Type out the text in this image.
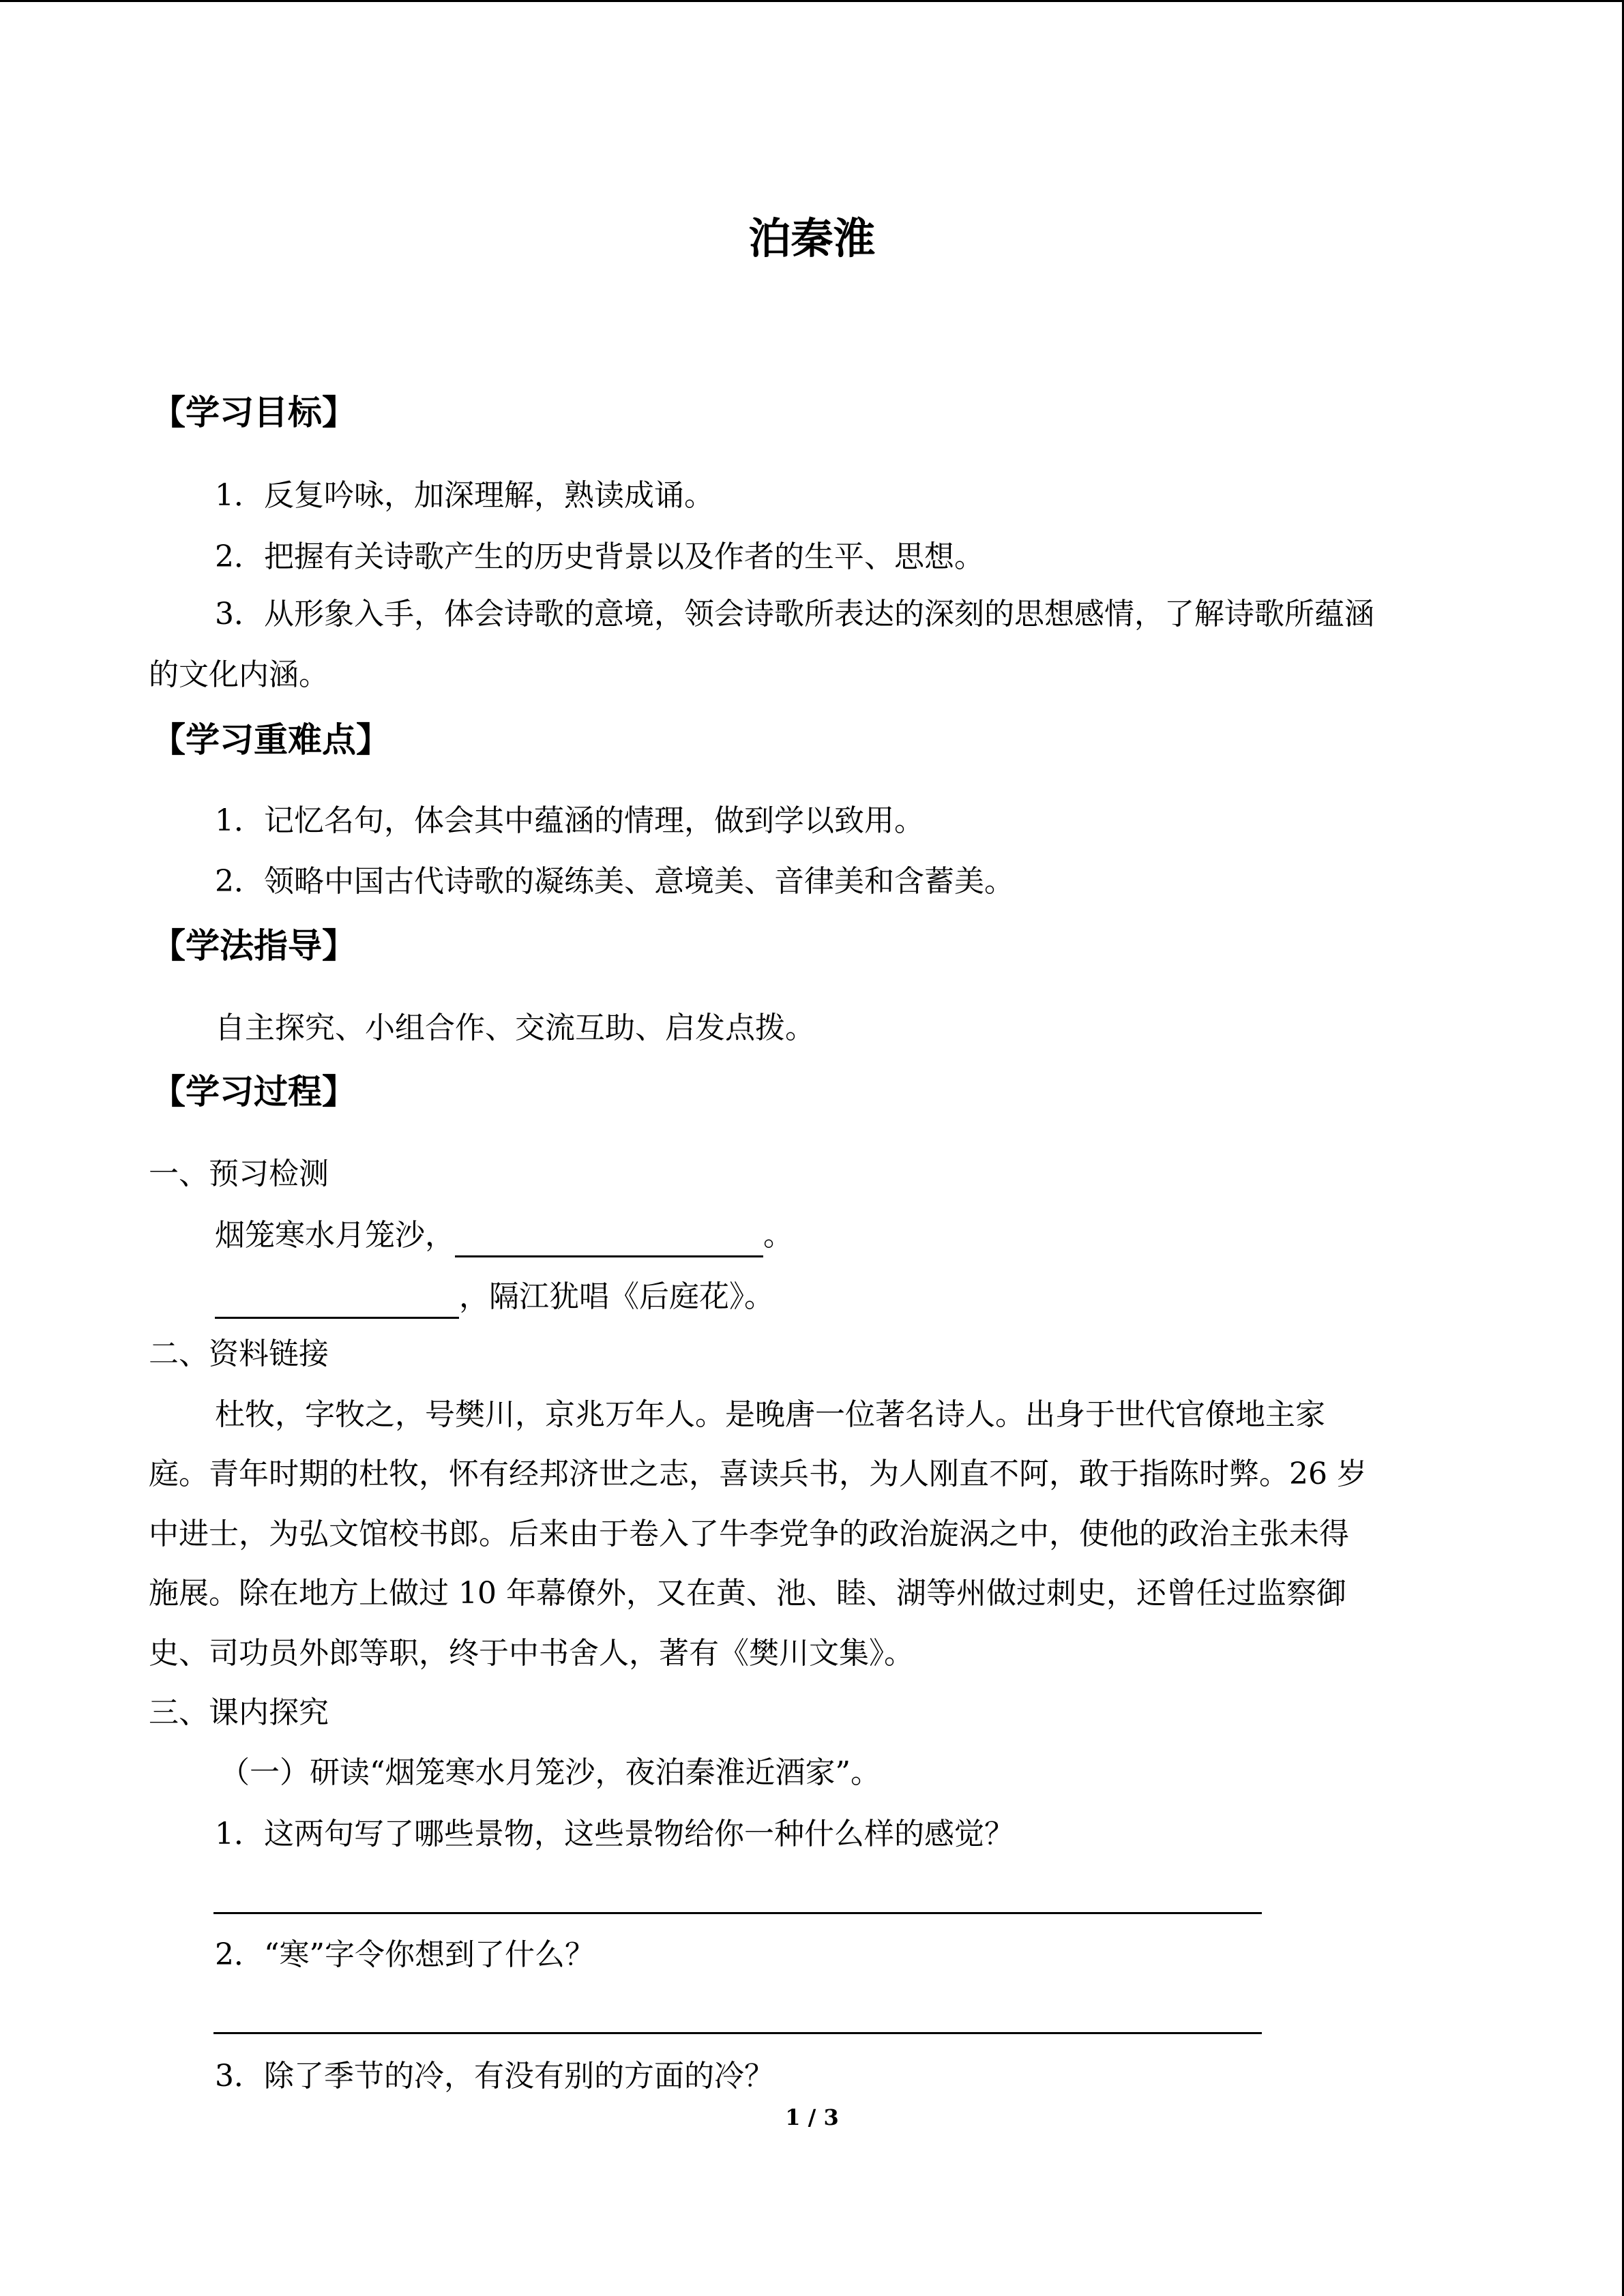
泊秦淮
【学习目标】
1．反复吟咏，加深理解，熟读成诵。
2．把握有关诗歌产生的历史背景以及作者的生平、思想。
3．从形象入手，体会诗歌的意境，领会诗歌所表达的深刻的思想感情，了解诗歌所蕴涵
的文化内涵。
【学习重难点】
1．记忆名句，体会其中蕴涵的情理，做到学以致用。
2．领略中国古代诗歌的凝练美、意境美、音律美和含蓄美。
【学法指导】
自主探究、小组合作、交流互助、启发点拨。
【学习过程】
一、预习检测
烟笼寒水月笼沙，	。
，隔江犹唱《后庭花》。
二、资料链接
杜牧，字牧之，号樊川，京兆万年人。是晚唐一位著名诗人。出身于世代官僚地主家
庭。青年时期的杜牧，怀有经邦济世之志，喜读兵书，为人刚直不阿，敢于指陈时弊。26 岁
中进士，为弘文馆校书郎。后来由于卷入了牛李党争的政治旋涡之中，使他的政治主张未得
施展。除在地方上做过 10 年幕僚外，又在黄、池、睦、湖等州做过刺史，还曾任过监察御
史、司功员外郎等职，终于中书舍人，著有《樊川文集》。
三、课内探究
（一）研读“烟笼寒水月笼沙，夜泊秦淮近酒家”。
1．这两句写了哪些景物，这些景物给你一种什么样的感觉？
2．“寒”字令你想到了什么？
3．除了季节的冷，有没有别的方面的冷？
1 / 3
